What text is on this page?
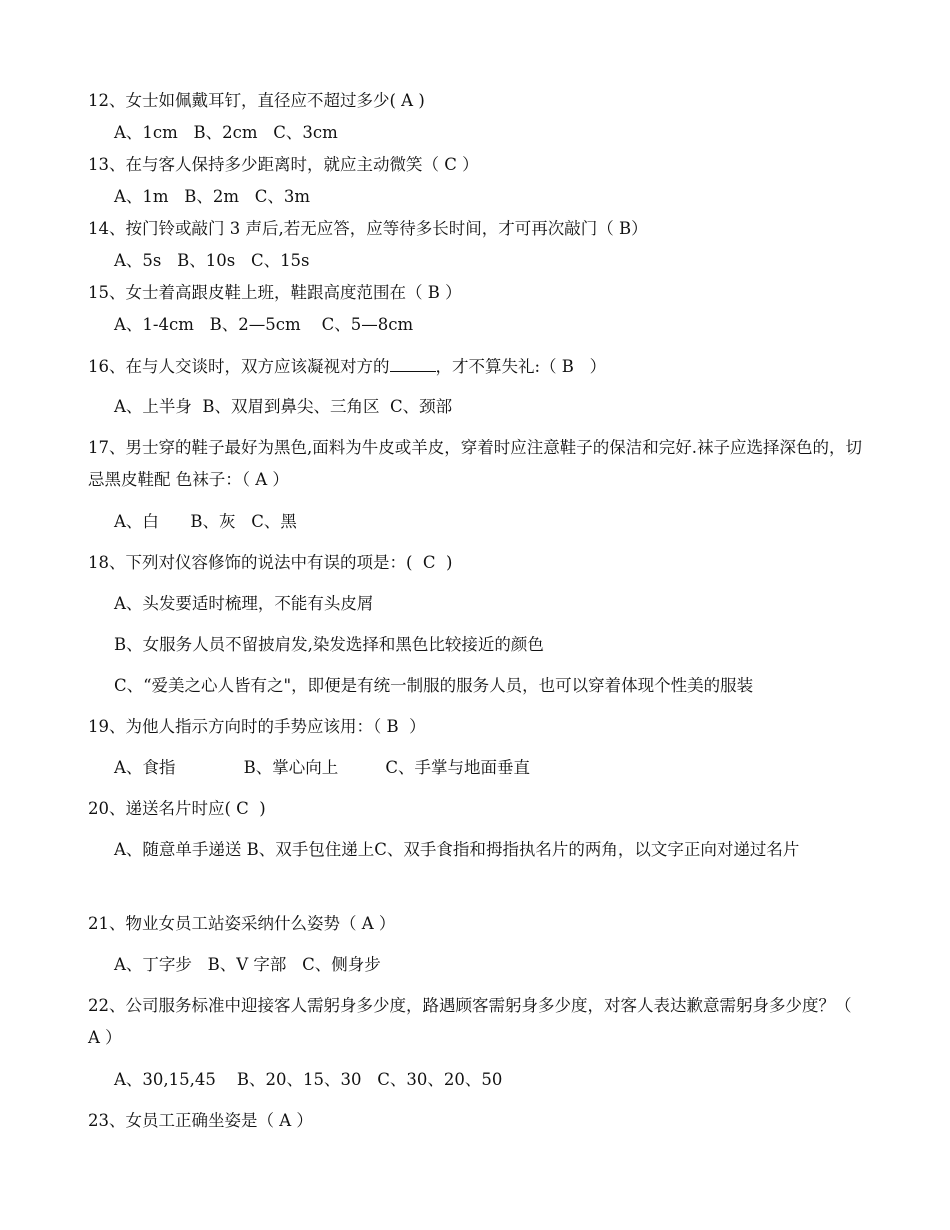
12、女士如佩戴耳钉，直径应不超过多少( A )
A、1cm   B、2cm   C、3cm
13、在与客人保持多少距离时，就应主动微笑（ C ）
A、1m   B、2m   C、3m
14、按门铃或敲门 3 声后,若无应答，应等待多长时间，才可再次敲门（ B）
A、5s   B、10s   C、15s
15、女士着高跟皮鞋上班，鞋跟高度范围在（ B ）
A、1-4cm   B、2—5cm    C、5—8cm
16、在与人交谈时，双方应该凝视对方的	，才不算失礼:（ B   ）
A、上半身  B、双眉到鼻尖、三角区  C、颈部
17、男士穿的鞋子最好为黑色,面料为牛皮或羊皮，穿着时应注意鞋子的保洁和完好.袜子应选择深色的，切忌黑皮鞋配 色袜子：（ A ）
A、白      B、灰   C、黑
18、下列对仪容修饰的说法中有误的项是：(  C  )
A、头发要适时梳理，不能有头皮屑
B、女服务人员不留披肩发,染发选择和黑色比较接近的颜色
C、“爱美之心人皆有之"，即便是有统一制服的服务人员，也可以穿着体现个性美的服装
19、为他人指示方向时的手势应该用：（ B  ）
A、食指             B、掌心向上         C、手掌与地面垂直
20、递送名片时应( C  )
A、随意单手递送 B、双手包住递上C、双手食指和拇指执名片的两角，以文字正向对递过名片
21、物业女员工站姿采纳什么姿势（ A ）
A、丁字步   B、V 字部   C、侧身步
22、公司服务标准中迎接客人需躬身多少度，路遇顾客需躬身多少度，对客人表达歉意需躬身多少度？（ A ）
A、30,15,45    B、20、15、30   C、30、20、50
23、女员工正确坐姿是（ A ）
